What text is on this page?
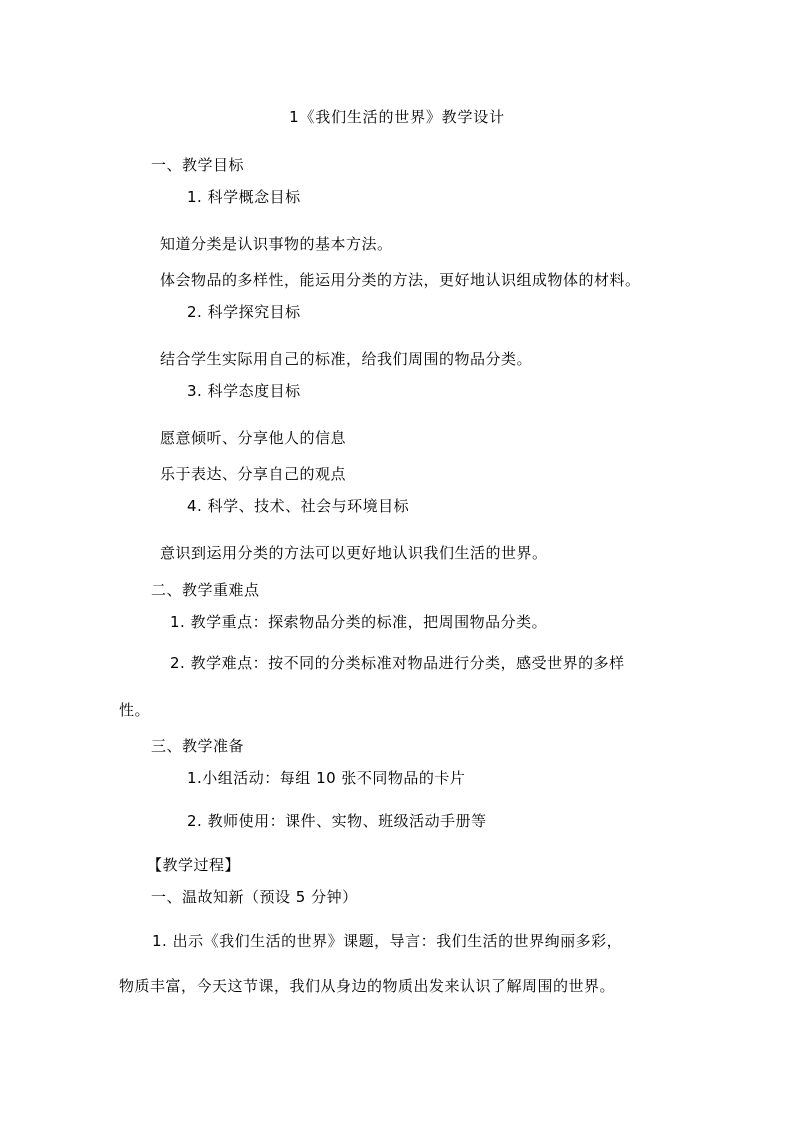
1《我们生活的世界》教学设计
一、教学目标
1. 科学概念目标
知道分类是认识事物的基本方法。
体会物品的多样性，能运用分类的方法，更好地认识组成物体的材料。
2. 科学探究目标
结合学生实际用自己的标准，给我们周围的物品分类。
3. 科学态度目标
愿意倾听、分享他人的信息
乐于表达、分享自己的观点
4. 科学、技术、社会与环境目标
意识到运用分类的方法可以更好地认识我们生活的世界。
二、教学重难点
1. 教学重点：探索物品分类的标准，把周围物品分类。
2. 教学难点：按不同的分类标准对物品进行分类，感受世界的多样
性。
三、教学准备
1.小组活动：每组 10 张不同物品的卡片
2. 教师使用：课件、实物、班级活动手册等
【教学过程】
一、温故知新（预设 5 分钟）
1. 出示《我们生活的世界》课题，导言：我们生活的世界绚丽多彩，
物质丰富，今天这节课，我们从身边的物质出发来认识了解周围的世界。
